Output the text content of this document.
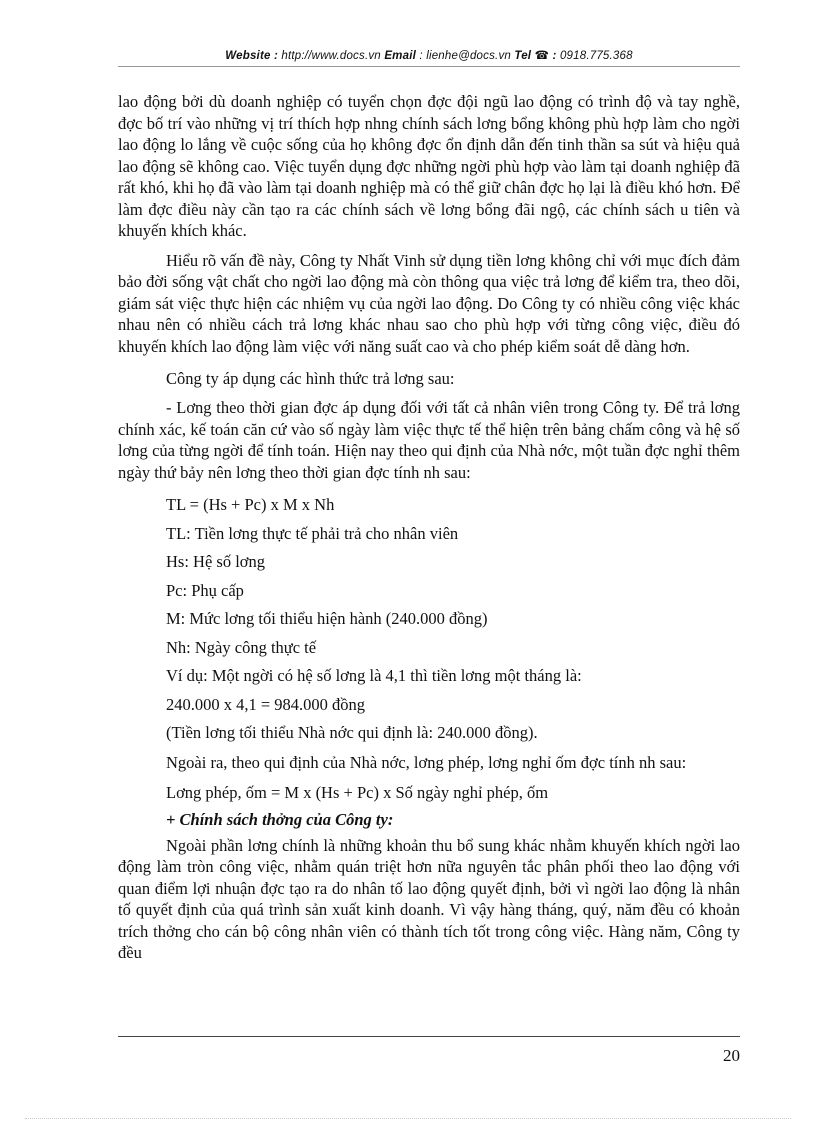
Website : http://www.docs.vn Email : lienhe@docs.vn Tel ☎ : 0918.775.368

lao động bởi dù doanh nghiệp có tuyển chọn đợc đội ngũ lao động có trình độ và tay nghề, đợc bố trí vào những vị trí thích hợp nhng chính sách lơng bổng không phù hợp làm cho ngời lao động lo lắng về cuộc sống của họ không đợc ổn định dẫn đến tinh thần sa sút và hiệu quả lao động sẽ không cao. Việc tuyển dụng đợc những ngời phù hợp vào làm tại doanh nghiệp đã rất khó, khi họ đã vào làm tại doanh nghiệp mà có thể giữ chân đợc họ lại là điều khó hơn. Để làm đợc điều này cần tạo ra các chính sách về lơng bổng đãi ngộ, các chính sách u tiên và khuyến khích khác.

Hiểu rõ vấn đề này, Công ty Nhất Vinh sử dụng tiền lơng không chỉ với mục đích đảm bảo đời sống vật chất cho ngời lao động mà còn thông qua việc trả lơng để kiểm tra, theo dõi, giám sát việc thực hiện các nhiệm vụ của ngời lao động. Do Công ty có nhiều công việc khác nhau nên có nhiều cách trả lơng khác nhau sao cho phù hợp với từng công việc, điều đó khuyến khích lao động làm việc với năng suất cao và cho phép kiểm soát dễ dàng hơn.

Công ty áp dụng các hình thức trả lơng sau:

- Lơng theo thời gian đợc áp dụng đối với tất cả nhân viên trong Công ty. Để trả lơng chính xác, kế toán căn cứ vào số ngày làm việc thực tế thể hiện trên bảng chấm công và hệ số lơng của từng ngời để tính toán. Hiện nay theo qui định của Nhà nớc, một tuần đợc nghỉ thêm ngày thứ bảy nên lơng theo thời gian đợc tính nh sau:

TL = (Hs + Pc) x M x Nh

TL: Tiền lơng thực tế phải trả cho nhân viên

Hs: Hệ số lơng

Pc: Phụ cấp

M: Mức lơng tối thiểu hiện hành (240.000 đồng)

Nh: Ngày công thực tế

Ví dụ: Một ngời có hệ số lơng là 4,1 thì tiền lơng một tháng là:

240.000 x 4,1 = 984.000 đồng

(Tiền lơng tối thiểu Nhà nớc qui định là: 240.000 đồng).

Ngoài ra, theo qui định của Nhà nớc, lơng phép, lơng nghỉ ốm đợc tính nh sau:

Lơng phép, ốm = M x (Hs + Pc) x Số ngày nghỉ phép, ốm

+ Chính sách thởng của Công ty:

Ngoài phần lơng chính là những khoản thu bổ sung khác nhằm khuyến khích ngời lao động làm tròn công việc, nhằm quán triệt hơn nữa nguyên tắc phân phối theo lao động với quan điểm lợi nhuận đợc tạo ra do nhân tố lao động quyết định, bởi vì ngời lao động là nhân tố quyết định của quá trình sản xuất kinh doanh. Vì vậy hàng tháng, quý, năm đều có khoản trích thởng cho cán bộ công nhân viên có thành tích tốt trong công việc. Hàng năm, Công ty đều

20
